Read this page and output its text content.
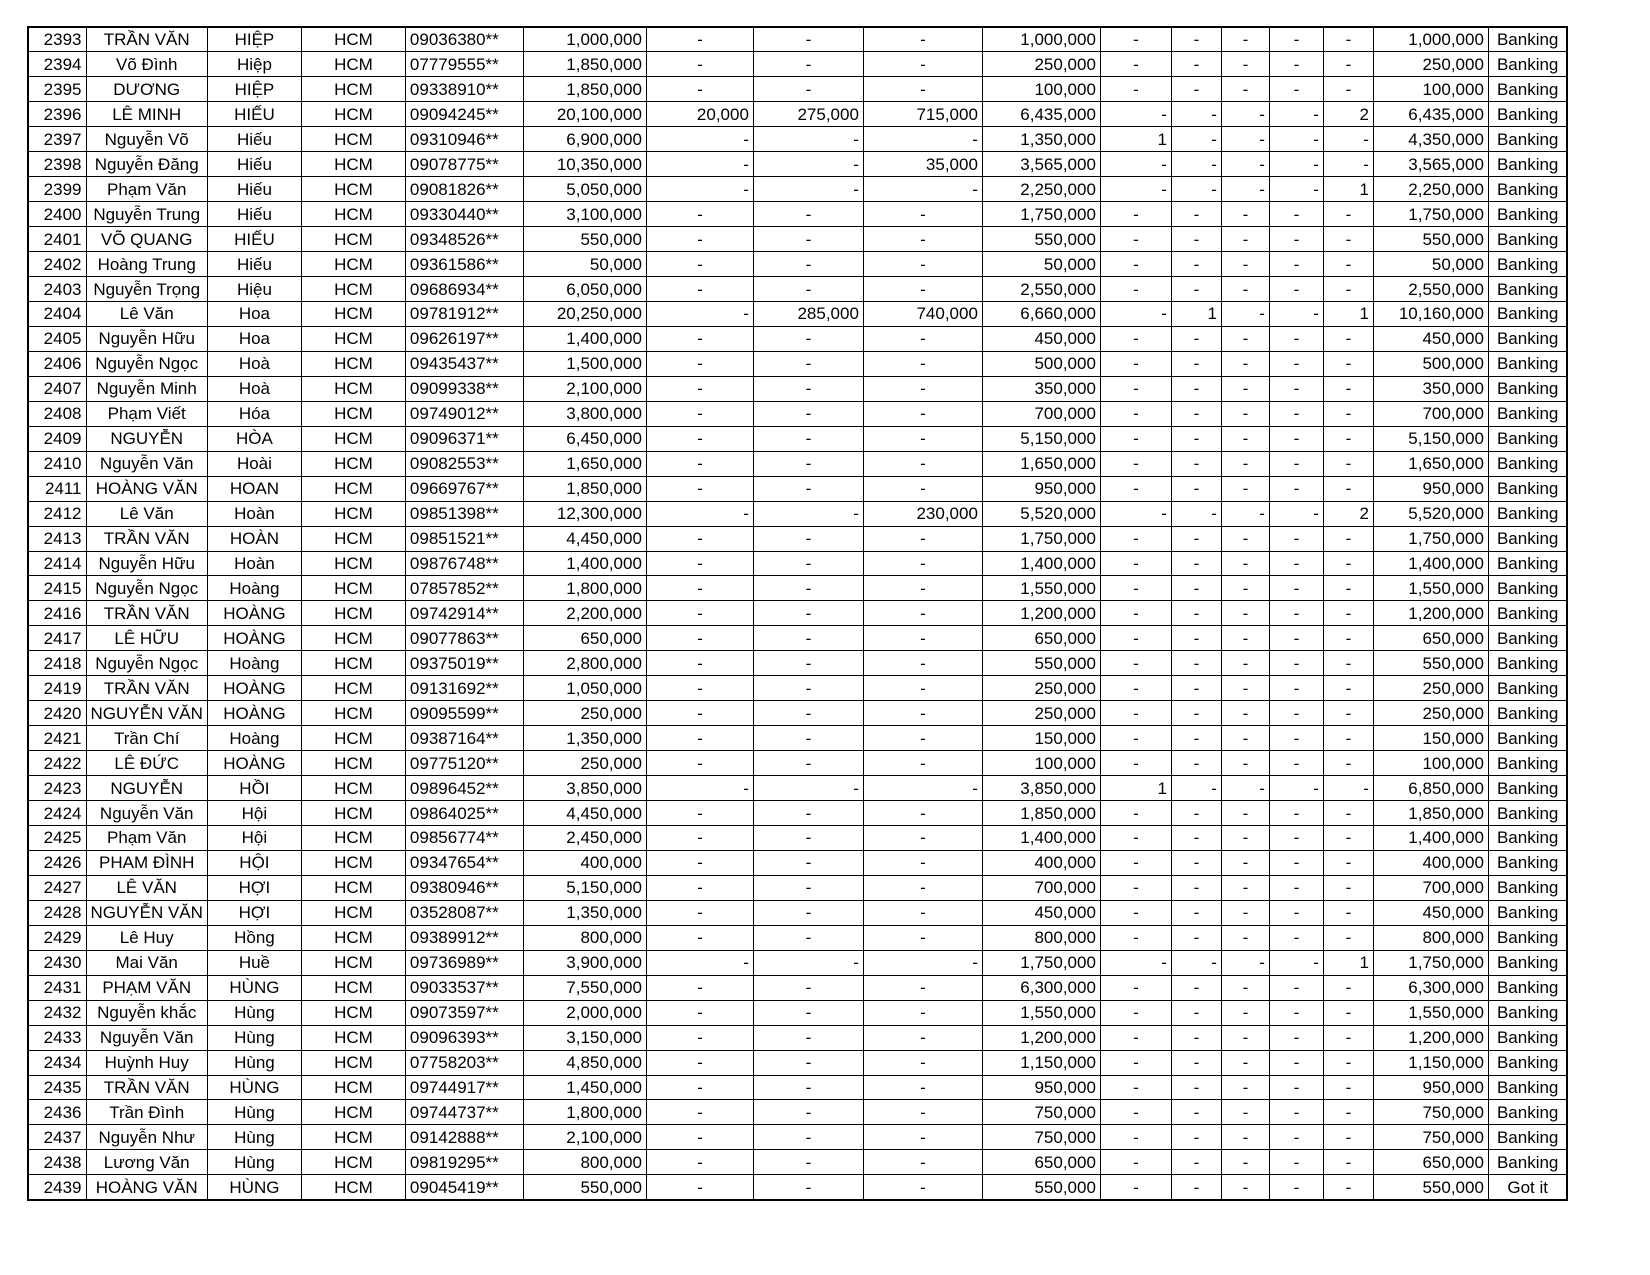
2393	TRẦN VĂN	HIỆP	HCM	09036380**	1,000,000	-	-	-	1,000,000	-	-	-	-	-	1,000,000	Banking
2394	Võ Đình	Hiệp	HCM	07779555**	1,850,000	-	-	-	250,000	-	-	-	-	-	250,000	Banking
2395	DƯƠNG	HIỆP	HCM	09338910**	1,850,000	-	-	-	100,000	-	-	-	-	-	100,000	Banking
2396	LÊ MINH	HIẾU	HCM	09094245**	20,100,000	20,000	275,000	715,000	6,435,000	-	-	-	-	2	6,435,000	Banking
2397	Nguyễn Võ	Hiếu	HCM	09310946**	6,900,000	-	-	-	1,350,000	1	-	-	-	-	4,350,000	Banking
2398	Nguyễn Đăng	Hiếu	HCM	09078775**	10,350,000	-	-	35,000	3,565,000	-	-	-	-	-	3,565,000	Banking
2399	Phạm Văn	Hiếu	HCM	09081826**	5,050,000	-	-	-	2,250,000	-	-	-	-	1	2,250,000	Banking
2400	Nguyễn Trung	Hiếu	HCM	09330440**	3,100,000	-	-	-	1,750,000	-	-	-	-	-	1,750,000	Banking
2401	VÕ QUANG	HIẾU	HCM	09348526**	550,000	-	-	-	550,000	-	-	-	-	-	550,000	Banking
2402	Hoàng Trung	Hiếu	HCM	09361586**	50,000	-	-	-	50,000	-	-	-	-	-	50,000	Banking
2403	Nguyễn Trọng	Hiệu	HCM	09686934**	6,050,000	-	-	-	2,550,000	-	-	-	-	-	2,550,000	Banking
2404	Lê Văn	Hoa	HCM	09781912**	20,250,000	-	285,000	740,000	6,660,000	-	1	-	-	1	10,160,000	Banking
2405	Nguyễn Hữu	Hoa	HCM	09626197**	1,400,000	-	-	-	450,000	-	-	-	-	-	450,000	Banking
2406	Nguyễn Ngọc	Hoà	HCM	09435437**	1,500,000	-	-	-	500,000	-	-	-	-	-	500,000	Banking
2407	Nguyễn Minh	Hoà	HCM	09099338**	2,100,000	-	-	-	350,000	-	-	-	-	-	350,000	Banking
2408	Phạm Viết	Hóa	HCM	09749012**	3,800,000	-	-	-	700,000	-	-	-	-	-	700,000	Banking
2409	NGUYỄN	HÒA	HCM	09096371**	6,450,000	-	-	-	5,150,000	-	-	-	-	-	5,150,000	Banking
2410	Nguyễn Văn	Hoài	HCM	09082553**	1,650,000	-	-	-	1,650,000	-	-	-	-	-	1,650,000	Banking
2411	HOÀNG VĂN	HOAN	HCM	09669767**	1,850,000	-	-	-	950,000	-	-	-	-	-	950,000	Banking
2412	Lê Văn	Hoàn	HCM	09851398**	12,300,000	-	-	230,000	5,520,000	-	-	-	-	2	5,520,000	Banking
2413	TRẦN VĂN	HOÀN	HCM	09851521**	4,450,000	-	-	-	1,750,000	-	-	-	-	-	1,750,000	Banking
2414	Nguyễn Hữu	Hoàn	HCM	09876748**	1,400,000	-	-	-	1,400,000	-	-	-	-	-	1,400,000	Banking
2415	Nguyễn Ngọc	Hoàng	HCM	07857852**	1,800,000	-	-	-	1,550,000	-	-	-	-	-	1,550,000	Banking
2416	TRẦN VĂN	HOÀNG	HCM	09742914**	2,200,000	-	-	-	1,200,000	-	-	-	-	-	1,200,000	Banking
2417	LÊ HỮU	HOÀNG	HCM	09077863**	650,000	-	-	-	650,000	-	-	-	-	-	650,000	Banking
2418	Nguyễn Ngọc	Hoàng	HCM	09375019**	2,800,000	-	-	-	550,000	-	-	-	-	-	550,000	Banking
2419	TRẦN VĂN	HOÀNG	HCM	09131692**	1,050,000	-	-	-	250,000	-	-	-	-	-	250,000	Banking
2420	NGUYỄN VĂN	HOÀNG	HCM	09095599**	250,000	-	-	-	250,000	-	-	-	-	-	250,000	Banking
2421	Trần Chí	Hoàng	HCM	09387164**	1,350,000	-	-	-	150,000	-	-	-	-	-	150,000	Banking
2422	LÊ ĐỨC	HOÀNG	HCM	09775120**	250,000	-	-	-	100,000	-	-	-	-	-	100,000	Banking
2423	NGUYỄN	HỒI	HCM	09896452**	3,850,000	-	-	-	3,850,000	1	-	-	-	-	6,850,000	Banking
2424	Nguyễn Văn	Hội	HCM	09864025**	4,450,000	-	-	-	1,850,000	-	-	-	-	-	1,850,000	Banking
2425	Phạm Văn	Hội	HCM	09856774**	2,450,000	-	-	-	1,400,000	-	-	-	-	-	1,400,000	Banking
2426	PHAM ĐÌNH	HỘI	HCM	09347654**	400,000	-	-	-	400,000	-	-	-	-	-	400,000	Banking
2427	LÊ VĂN	HỢI	HCM	09380946**	5,150,000	-	-	-	700,000	-	-	-	-	-	700,000	Banking
2428	NGUYỄN VĂN	HỢI	HCM	03528087**	1,350,000	-	-	-	450,000	-	-	-	-	-	450,000	Banking
2429	Lê Huy	Hồng	HCM	09389912**	800,000	-	-	-	800,000	-	-	-	-	-	800,000	Banking
2430	Mai Văn	Huề	HCM	09736989**	3,900,000	-	-	-	1,750,000	-	-	-	-	1	1,750,000	Banking
2431	PHẠM VĂN	HÙNG	HCM	09033537**	7,550,000	-	-	-	6,300,000	-	-	-	-	-	6,300,000	Banking
2432	Nguyễn khắc	Hùng	HCM	09073597**	2,000,000	-	-	-	1,550,000	-	-	-	-	-	1,550,000	Banking
2433	Nguyễn Văn	Hùng	HCM	09096393**	3,150,000	-	-	-	1,200,000	-	-	-	-	-	1,200,000	Banking
2434	Huỳnh Huy	Hùng	HCM	07758203**	4,850,000	-	-	-	1,150,000	-	-	-	-	-	1,150,000	Banking
2435	TRẦN VĂN	HÙNG	HCM	09744917**	1,450,000	-	-	-	950,000	-	-	-	-	-	950,000	Banking
2436	Trần Đình	Hùng	HCM	09744737**	1,800,000	-	-	-	750,000	-	-	-	-	-	750,000	Banking
2437	Nguyễn Như	Hùng	HCM	09142888**	2,100,000	-	-	-	750,000	-	-	-	-	-	750,000	Banking
2438	Lương Văn	Hùng	HCM	09819295**	800,000	-	-	-	650,000	-	-	-	-	-	650,000	Banking
2439	HOÀNG VĂN	HÙNG	HCM	09045419**	550,000	-	-	-	550,000	-	-	-	-	-	550,000	Got it
